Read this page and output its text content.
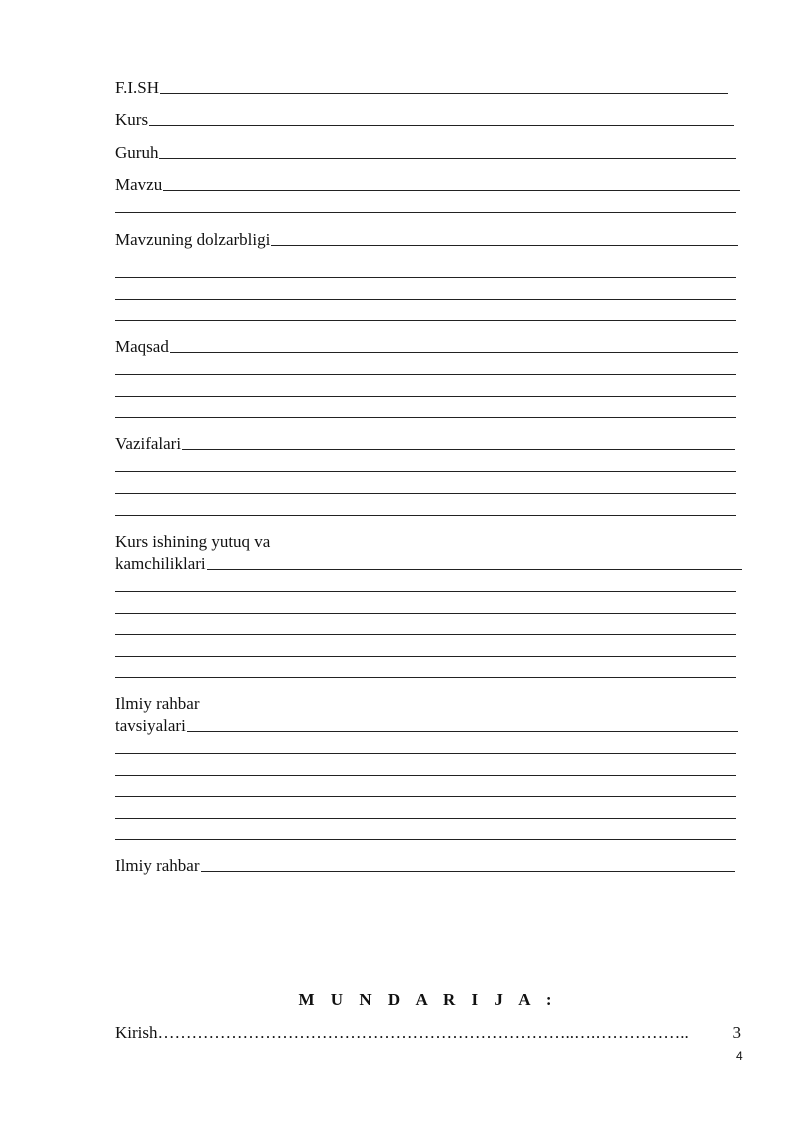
F.I.SH
Kurs
Guruh
Mavzu
Mavzuning dolzarbligi
Maqsad
Vazifalari
Kurs ishining yutuq va
kamchiliklari
Ilmiy rahbar
tavsiyalari
Ilmiy rahbar
M U N D A R I J A :
Kirish ………………………………………………………………..….……………..	3
4
